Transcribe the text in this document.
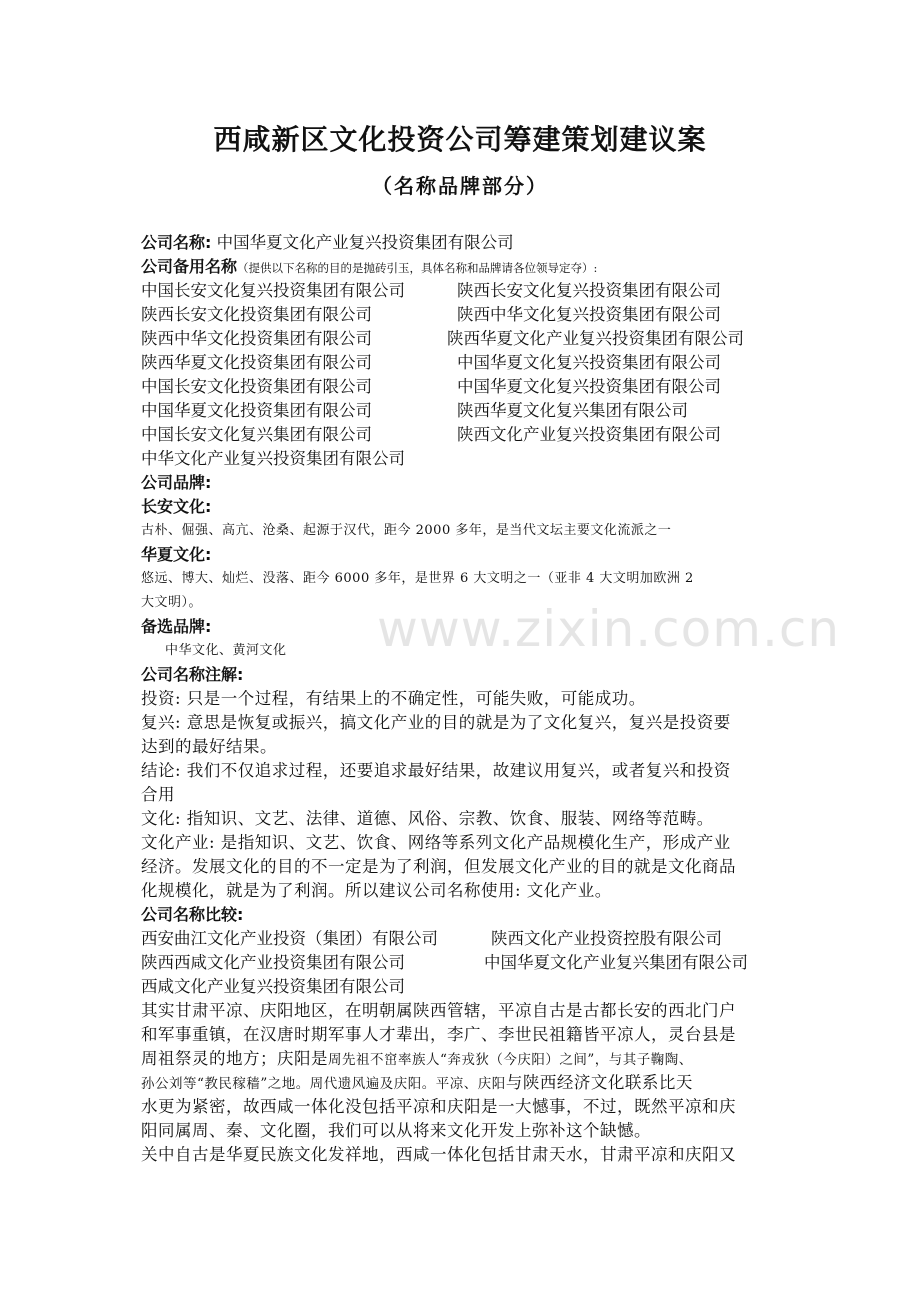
西咸新区文化投资公司筹建策划建议案
（名称品牌部分）
公司名称: 中国华夏文化产业复兴投资集团有限公司
公司备用名称（提供以下名称的目的是抛砖引玉，具体名称和品牌请各位领导定夺）:
中国长安文化复兴投资集团有限公司	陕西长安文化复兴投资集团有限公司
陕西长安文化投资集团有限公司	陕西中华文化复兴投资集团有限公司
陕西中华文化投资集团有限公司	陕西华夏文化产业复兴投资集团有限公司
陕西华夏文化投资集团有限公司	中国华夏文化复兴投资集团有限公司
中国长安文化投资集团有限公司	中国华夏文化复兴投资集团有限公司
中国华夏文化投资集团有限公司	陕西华夏文化复兴集团有限公司
中国长安文化复兴集团有限公司	陕西文化产业复兴投资集团有限公司
中华文化产业复兴投资集团有限公司
公司品牌:
长安文化:
古朴、倔强、高亢、沧桑、起源于汉代，距今 2000 多年，是当代文坛主要文化流派之一
华夏文化:
悠远、博大、灿烂、没落、距今 6000 多年，是世界 6 大文明之一（亚非 4 大文明加欧洲 2
大文明）。
备选品牌:
中华文化、黄河文化
公司名称注解:
投资: 只是一个过程，有结果上的不确定性，可能失败，可能成功。
复兴: 意思是恢复或振兴，搞文化产业的目的就是为了文化复兴，复兴是投资要
达到的最好结果。
结论: 我们不仅追求过程，还要追求最好结果，故建议用复兴，或者复兴和投资
合用
文化: 指知识、文艺、法律、道德、风俗、宗教、饮食、服装、网络等范畴。
文化产业: 是指知识、文艺、饮食、网络等系列文化产品规模化生产，形成产业
经济。发展文化的目的不一定是为了利润，但发展文化产业的目的就是文化商品
化规模化，就是为了利润。所以建议公司名称使用: 文化产业。
公司名称比较:
西安曲江文化产业投资（集团）有限公司	陕西文化产业投资控股有限公司
陕西西咸文化产业投资集团有限公司	中国华夏文化产业复兴集团有限公司
西咸文化产业复兴投资集团有限公司
其实甘肃平凉、庆阳地区，在明朝属陕西管辖，平凉自古是古都长安的西北门户
和军事重镇，在汉唐时期军事人才辈出，李广、李世民祖籍皆平凉人，灵台县是
周祖祭灵的地方；庆阳是周先祖不窋率族人“奔戎狄（今庆阳）之间”，与其子鞠陶、
孙公刘等“教民稼穑”之地。周代遗风遍及庆阳。平凉、庆阳与陕西经济文化联系比天
水更为紧密，故西咸一体化没包括平凉和庆阳是一大憾事，不过，既然平凉和庆
阳同属周、秦、文化圈，我们可以从将来文化开发上弥补这个缺憾。
关中自古是华夏民族文化发祥地，西咸一体化包括甘肃天水，甘肃平凉和庆阳又
www.zixin.com.cn
